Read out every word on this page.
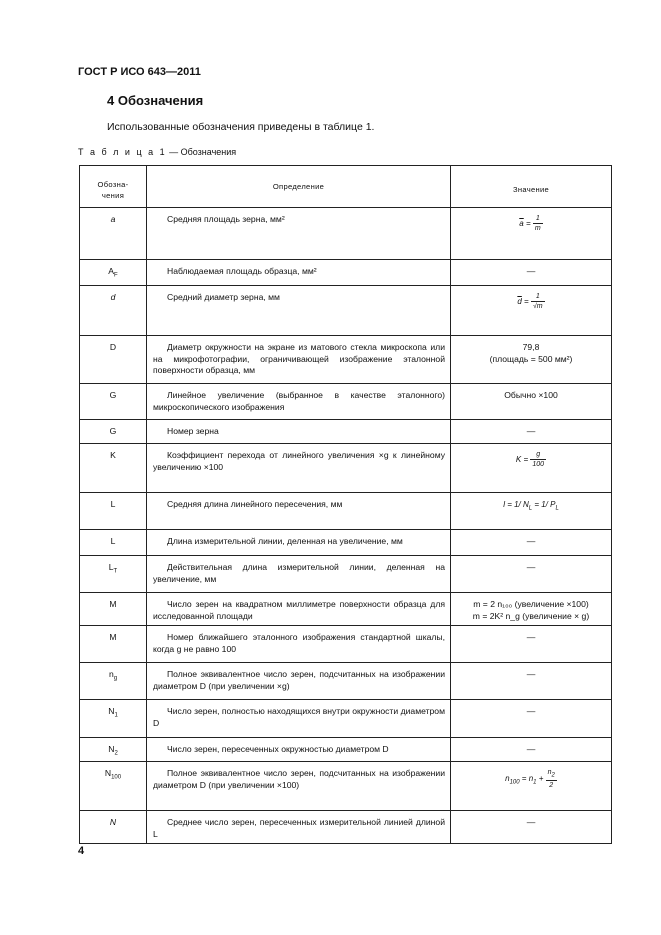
ГОСТ Р ИСО 643—2011
4 Обозначения
Использованные обозначения приведены в таблице 1.
Т а б л и ц а 1 — Обозначения
Обозна-
чения	Определение	Значение
a	Средняя площадь зерна, мм²	$\overline{a} = \frac{1}{m}$

$A_F$	Наблюдаемая площадь образца, мм²	—
d	Средний диаметр зерна, мм	$\overline{d} = \frac{1}{√m}$

D	Диаметр окружности на экране из матового стекла микроскопа или на микрофотографии, ограничивающей изображение эталонной поверхности образца, мм	79,8
(площадь = 500 мм²)
G	Линейное увеличение (выбранное в качестве эталонного) микроскопического изображения	Обычно ×100
G	Номер зерна	—
K	Коэффициент перехода от линейного увеличения ×g к линейному увеличению ×100	$K = \frac{g}{100}$

L	Средняя длина линейного пересечения, мм	l = 1/ $N_L = 1/$ $P_L$
L	Длина измерительной линии, деленная на увеличение, мм	—
$L_T$	Действительная длина измерительной линии, деленная на увеличение, мм	—
M	Число зерен на квадратном миллиметре поверхности образца для исследованной площади	m = 2 n₁₀₀ (увеличение ×100)
m = 2K² n_g (увеличение × g)
M	Номер ближайшего эталонного изображения стандартной шкалы, когда g не равно 100	—
$n_g$	Полное эквивалентное число зерен, подсчитанных на изображении диаметром D (при увеличении ×g)	—
$N_1$	Число зерен, полностью находящихся внутри окружности диаметром D	—
$N_2$	Число зерен, пересеченных окружностью диаметром D	—
$N_{100}$	Полное эквивалентное число зерен, подсчитанных на изображении диаметром D (при увеличении ×100)	$n_{100} = n_1 + \frac{n_2}{2}$

N	Среднее число зерен, пересеченных измерительной линией длиной L	—
4
